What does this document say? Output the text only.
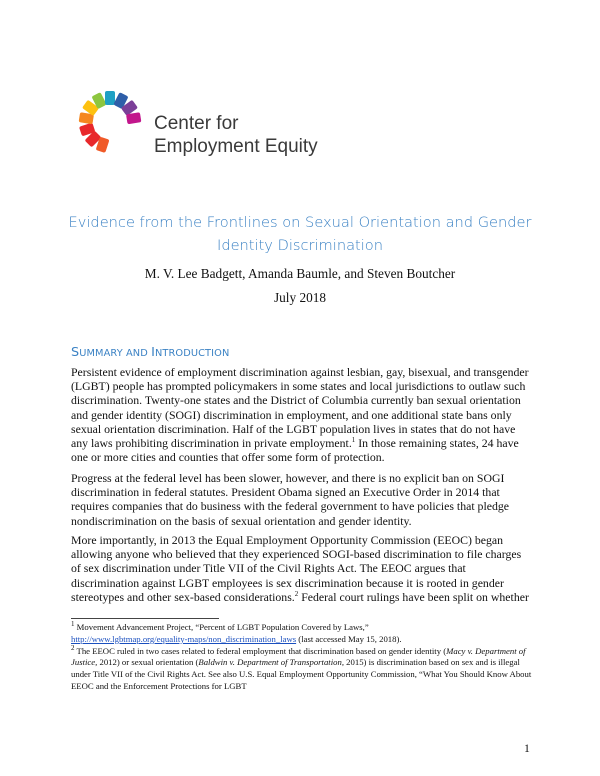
Center for
Employment Equity
Evidence from the Frontlines on Sexual Orientation and Gender
Identity Discrimination
M. V. Lee Badgett, Amanda Baumle, and Steven Boutcher
July 2018
SUMMARY AND INTRODUCTION

Persistent evidence of employment discrimination against lesbian, gay, bisexual, and transgender (LGBT) people has prompted policymakers in some states and local jurisdictions to outlaw such discrimination. Twenty-one states and the District of Columbia currently ban sexual orientation and gender identity (SOGI) discrimination in employment, and one additional state bans only sexual orientation discrimination. Half of the LGBT population lives in states that do not have any laws prohibiting discrimination in private employment.$^1$ In those remaining states, 24 have one or more cities and counties that offer some form of protection.

Progress at the federal level has been slower, however, and there is no explicit ban on SOGI discrimination in federal statutes. President Obama signed an Executive Order in 2014 that requires companies that do business with the federal government to have policies that pledge nondiscrimination on the basis of sexual orientation and gender identity.

More importantly, in 2013 the Equal Employment Opportunity Commission (EEOC) began allowing anyone who believed that they experienced SOGI-based discrimination to file charges of sex discrimination under Title VII of the Civil Rights Act. The EEOC argues that discrimination against LGBT employees is sex discrimination because it is rooted in gender stereotypes and other sex-based considerations.$^2$ Federal court rulings have been split on whether

$^1$ Movement Advancement Project, “Percent of LGBT Population Covered by Laws,”
http://www.lgbtmap.org/equality-maps/non_discrimination_laws (last accessed May 15, 2018).
$^2$ The EEOC ruled in two cases related to federal employment that discrimination based on gender identity (Macy v. Department of Justice, 2012) or sexual orientation (Baldwin v. Department of Transportation, 2015) is discrimination based on sex and is illegal under Title VII of the Civil Rights Act. See also U.S. Equal Employment Opportunity Commission, “What You Should Know About EEOC and the Enforcement Protections for LGBT
1
